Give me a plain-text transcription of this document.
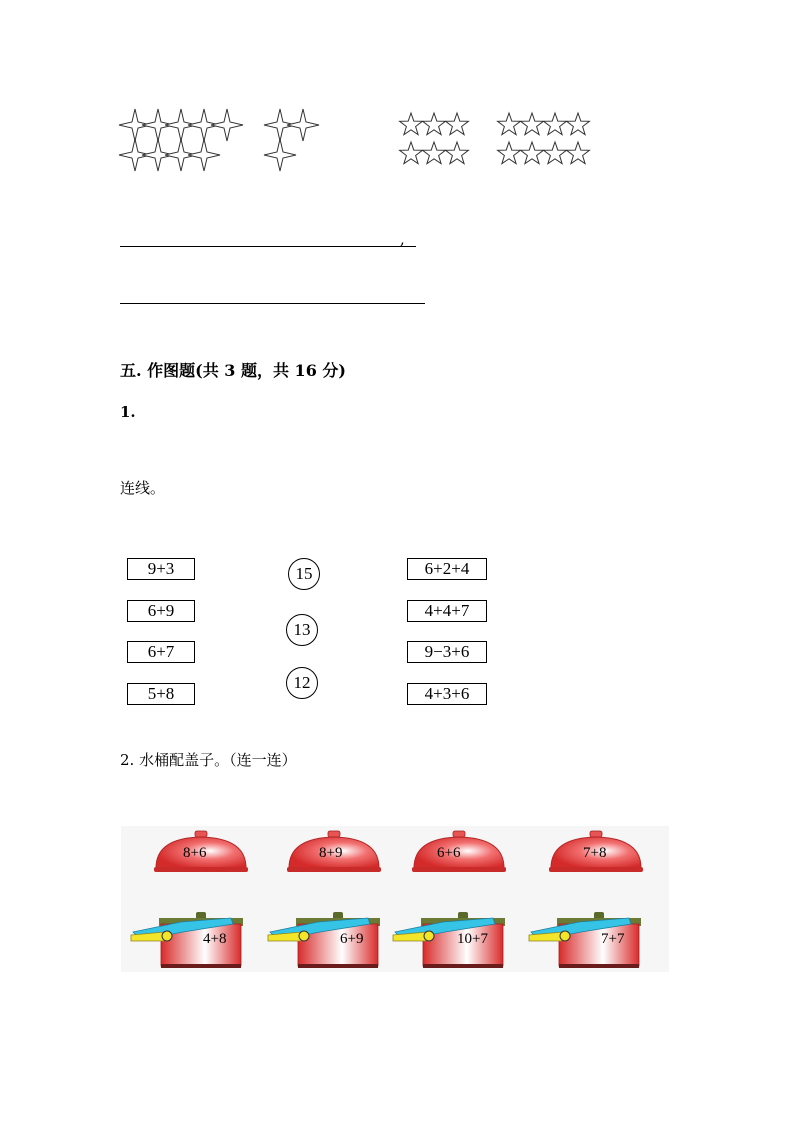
,
五. 作图题(共 3 题，共 16 分)
1.
连线。
9+3
6+9
6+7
5+8
15
13
12
6+2+4
4+4+7
9−3+6
4+3+6
2. 水桶配盖子。（连一连）
8+6	8+9	6+6	7+8
4+8	6+9	10+7	7+7
